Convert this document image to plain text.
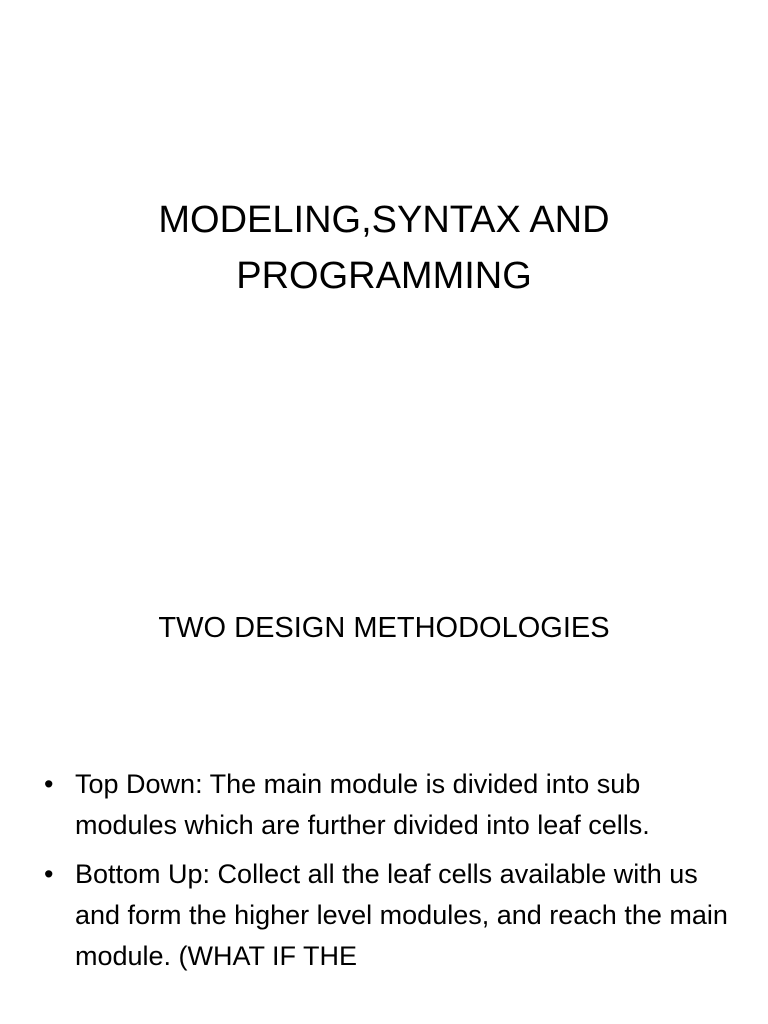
MODELING,SYNTAX AND
PROGRAMMING
TWO DESIGN METHODOLOGIES
• Top Down: The main module is divided into sub modules which are further divided into leaf cells.
• Bottom Up: Collect all the leaf cells available with us and form the higher level modules, and reach the main module. (WHAT IF THE
